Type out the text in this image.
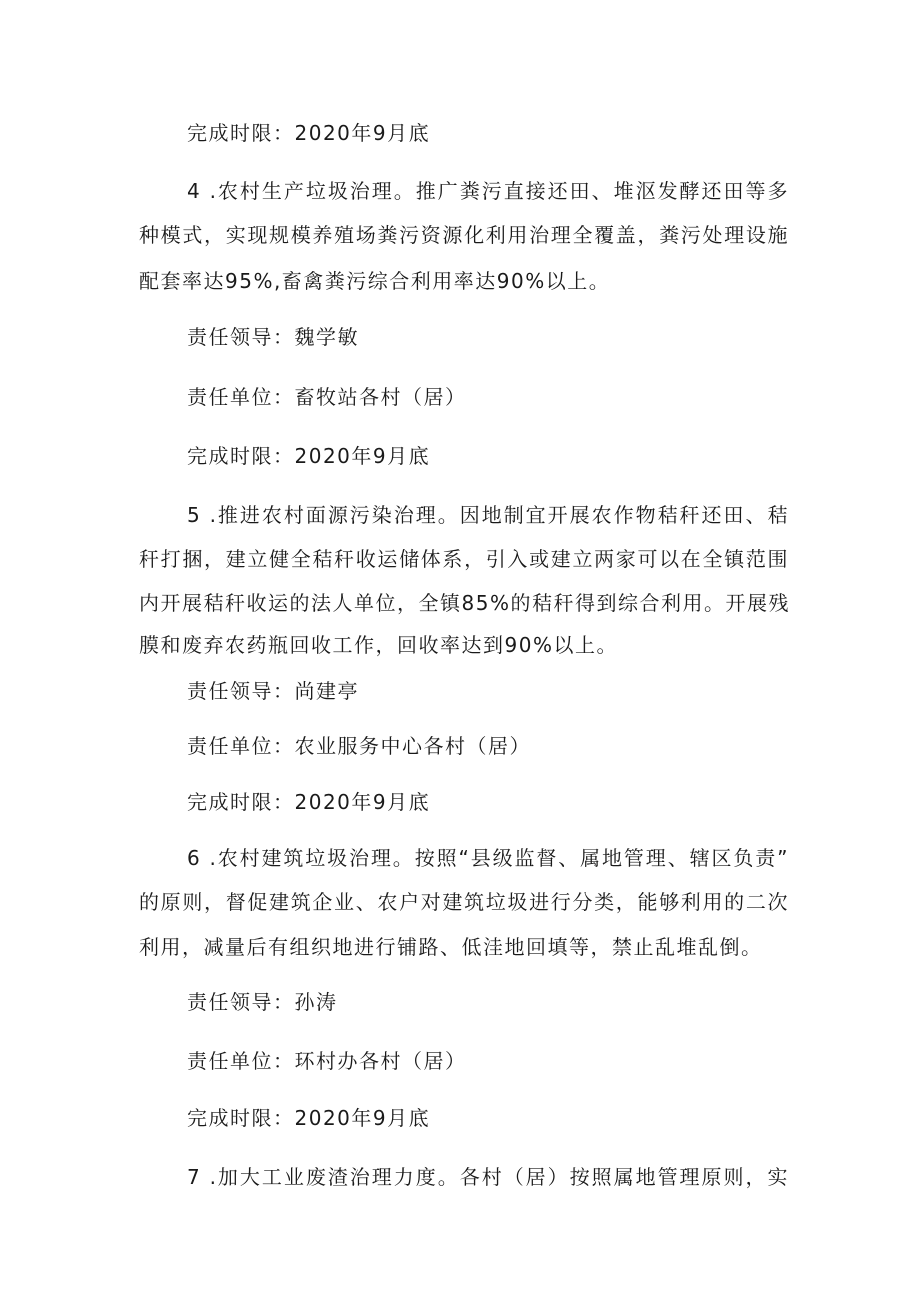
完成时限：2020年9月底
4 .农村生产垃圾治理。推广粪污直接还田、堆沤发酵还田等多
种模式，实现规模养殖场粪污资源化利用治理全覆盖，粪污处理设施
配套率达95%,畜禽粪污综合利用率达90%以上。
责任领导：魏学敏
责任单位：畜牧站各村（居）
完成时限：2020年9月底
5 .推进农村面源污染治理。因地制宜开展农作物秸秆还田、秸
秆打捆，建立健全秸秆收运储体系，引入或建立两家可以在全镇范围
内开展秸秆收运的法人单位，全镇85%的秸秆得到综合利用。开展残
膜和废弃农药瓶回收工作，回收率达到90%以上。
责任领导：尚建亭
责任单位：农业服务中心各村（居）
完成时限：2020年9月底
6 .农村建筑垃圾治理。按照“县级监督、属地管理、辖区负责”
的原则，督促建筑企业、农户对建筑垃圾进行分类，能够利用的二次
利用，减量后有组织地进行铺路、低洼地回填等，禁止乱堆乱倒。
责任领导：孙涛
责任单位：环村办各村（居）
完成时限：2020年9月底
7 .加大工业废渣治理力度。各村（居）按照属地管理原则，实
